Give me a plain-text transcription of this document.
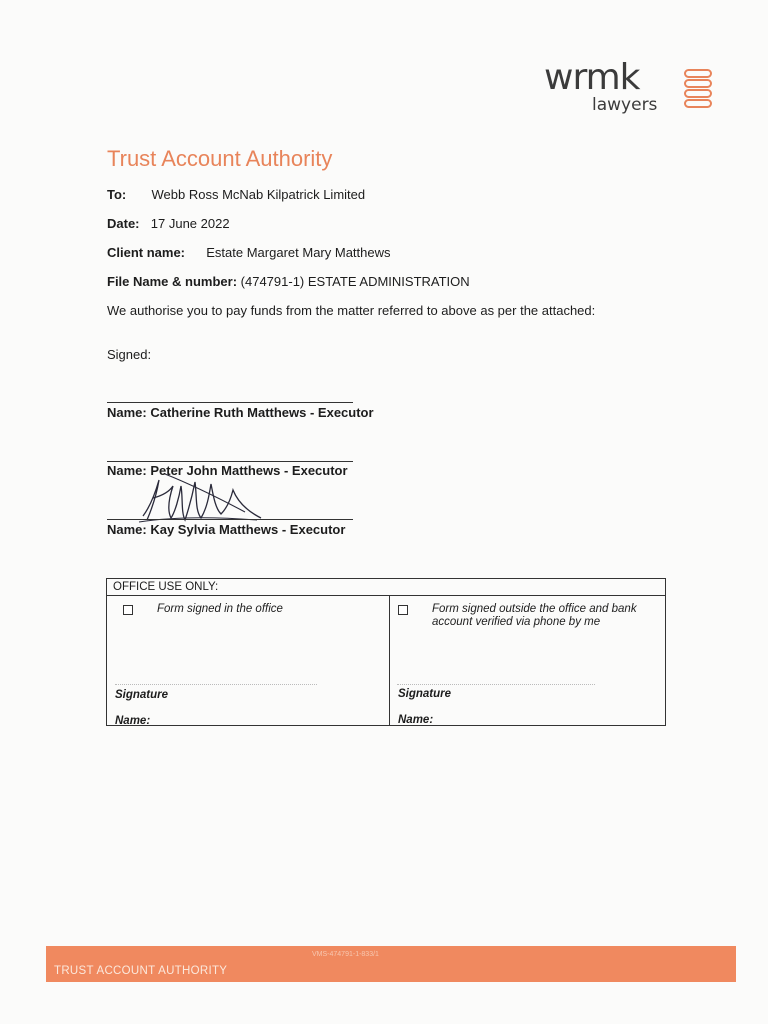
wrmk
lawyers
Trust Account Authority
To: Webb Ross McNab Kilpatrick Limited
Date: 17 June 2022
Client name: Estate Margaret Mary Matthews
File Name & number: (474791-1) ESTATE ADMINISTRATION
We authorise you to pay funds from the matter referred to above as per the attached:
Signed:
Name: Catherine Ruth Matthews - Executor
Name: Peter John Matthews - Executor
Name: Kay Sylvia Matthews - Executor
OFFICE USE ONLY:
Form signed in the office	Form signed outside the office and bank
account verified via phone by me
Signature	Signature
Name:	Name:
VMS-474791-1-833/1
TRUST ACCOUNT AUTHORITY
